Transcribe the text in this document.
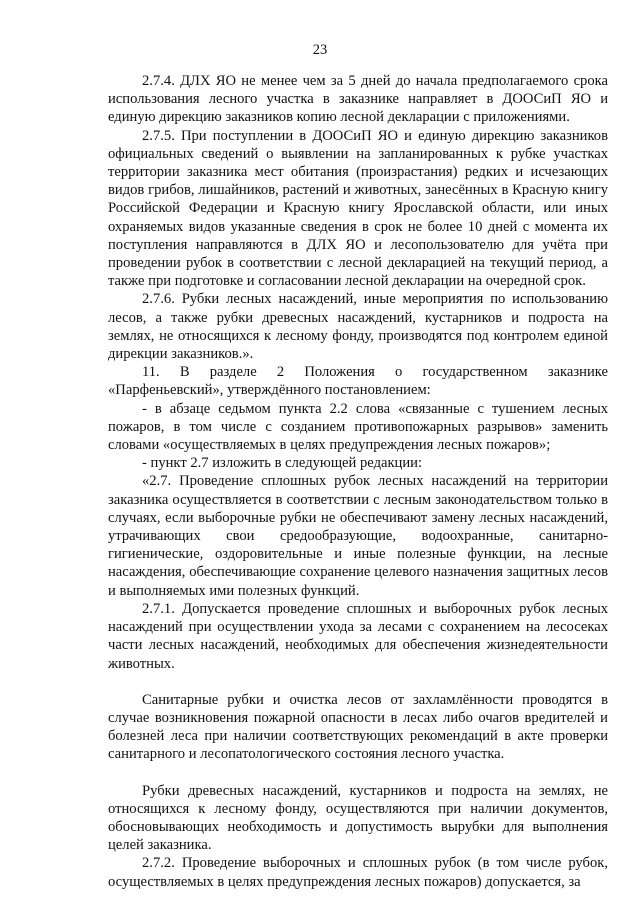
23

2.7.4. ДЛХ ЯО не менее чем за 5 дней до начала предполагаемого срока использования лесного участка в заказнике направляет в ДООСиП ЯО и единую дирекцию заказников копию лесной декларации с приложениями.

2.7.5. При поступлении в ДООСиП ЯО и единую дирекцию заказников официальных сведений о выявлении на запланированных к рубке участках территории заказника мест обитания (произрастания) редких и исчезающих видов грибов, лишайников, растений и животных, занесённых в Красную книгу Российской Федерации и Красную книгу Ярославской области, или иных охраняемых видов указанные сведения в срок не более 10 дней с момента их поступления направляются в ДЛХ ЯО и лесопользователю для учёта при проведении рубок в соответствии с лесной декларацией на текущий период, а также при подготовке и согласовании лесной декларации на очередной срок.

2.7.6. Рубки лесных насаждений, иные мероприятия по использованию лесов, а также рубки древесных насаждений, кустарников и подроста на землях, не относящихся к лесному фонду, производятся под контролем единой дирекции заказников.».

11. В разделе 2 Положения о государственном заказнике «Парфеньевский», утверждённого постановлением:

- в абзаце седьмом пункта 2.2 слова «связанные с тушением лесных пожаров, в том числе с созданием противопожарных разрывов» заменить словами «осуществляемых в целях предупреждения лесных пожаров»;

- пункт 2.7 изложить в следующей редакции:

«2.7. Проведение сплошных рубок лесных насаждений на территории заказника осуществляется в соответствии с лесным законодательством только в случаях, если выборочные рубки не обеспечивают замену лесных насаждений, утрачивающих свои средообразующие, водоохранные, санитарно-гигиенические, оздоровительные и иные полезные функции, на лесные насаждения, обеспечивающие сохранение целевого назначения защитных лесов и выполняемых ими полезных функций.

2.7.1. Допускается проведение сплошных и выборочных рубок лесных насаждений при осуществлении ухода за лесами с сохранением на лесосеках части лесных насаждений, необходимых для обеспечения жизнедеятельности животных.

Санитарные рубки и очистка лесов от захламлённости проводятся в случае возникновения пожарной опасности в лесах либо очагов вредителей и болезней леса при наличии соответствующих рекомендаций в акте проверки санитарного и лесопатологического состояния лесного участка.

Рубки древесных насаждений, кустарников и подроста на землях, не относящихся к лесному фонду, осуществляются при наличии документов, обосновывающих необходимость и допустимость вырубки для выполнения целей заказника.

2.7.2. Проведение выборочных и сплошных рубок (в том числе рубок, осуществляемых в целях предупреждения лесных пожаров) допускается, за
